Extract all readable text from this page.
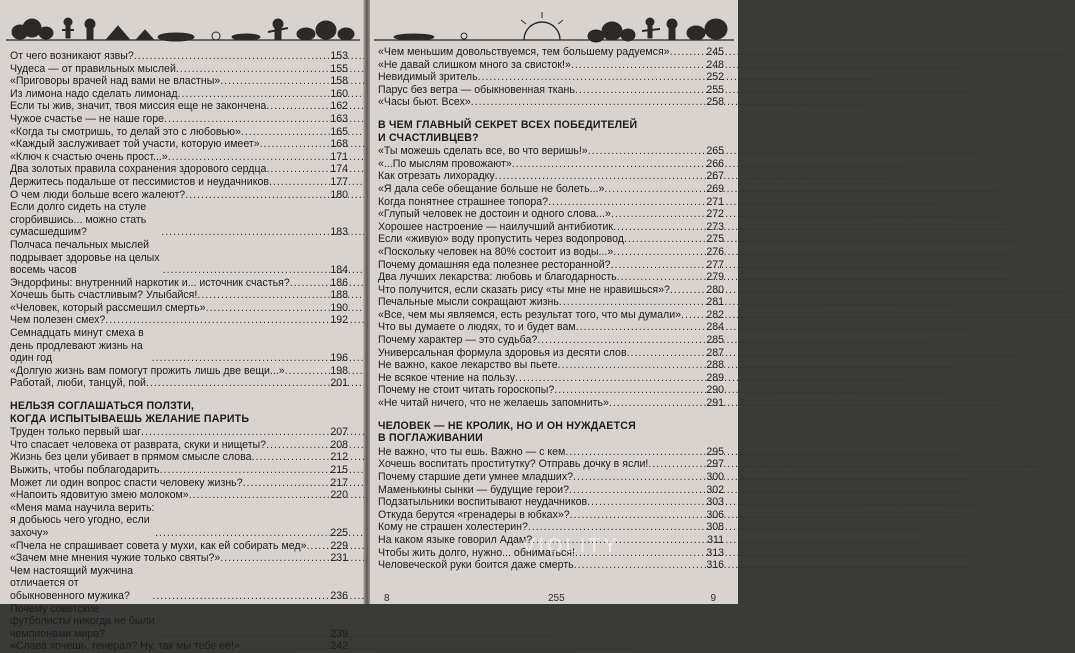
От чего возникают язвы? .....	153
Чудеса — от правильных мыслей .....	155
«Приговоры врачей над вами не властны» .....	158
Из лимона надо сделать лимонад .....	160
Если ты жив, значит, твоя миссия еще не закончена .....	162
Чужое счастье — не наше горе .....	163
«Когда ты смотришь, то делай это с любовью» .....	165
«Каждый заслуживает той участи, которую имеет» .....	168
«Ключ к счастью очень прост...» .....	171
Два золотых правила сохранения здорового сердца .....	174
Держитесь подальше от пессимистов и неудачников .....	177
О чем люди больше всего жалеют? .....	180
Если долго сидеть на стуле сгорбившись... можно стать сумасшедшим? .....	183
Полчаса печальных мыслей подрывает здоровье на целых восемь часов .....	184
Эндорфины: внутренний наркотик и... источник счастья? .....	186
Хочешь быть счастливым? Улыбайся! .....	188
«Человек, который рассмешил смерть» .....	190
Чем полезен смех? .....	192
Семнадцать минут смеха в день продлевают жизнь на один год .....	196
«Долгую жизнь вам помогут прожить лишь две вещи...» .....	198
Работай, люби, танцуй, пой .....	201
НЕЛЬЗЯ СОГЛАШАТЬСЯ ПОЛЗТИ,
КОГДА ИСПЫТЫВАЕШЬ ЖЕЛАНИЕ ПАРИТЬ
Труден только первый шаг .....	207
Что спасает человека от разврата, скуки и нищеты? .....	208
Жизнь без цели убивает в прямом смысле слова .....	212
Выжить, чтобы поблагодарить .....	215
Может ли один вопрос спасти человеку жизнь? .....	217
«Напоить ядовитую змею молоком» .....	220
«Меня мама научила верить: я добьюсь чего угодно, если захочу» .....	225
«Пчела не спрашивает совета у мухи, как ей собирать мед» ..... 229
«Зачем мне мнения чужие только святы?» .....	231
Чем настоящий мужчина отличается от обыкновенного мужика? .....	236
Почему советские футболисты никогда не были чемпионами мира? .....	239
«Слава хочешь, генерал? Ну, так мы тебе ее!» .....	242
«Чем меньшим довольствуемся, тем большему радуемся» .....	245
«Не давай слишком много за свисток!» .....	248
Невидимый зритель .....	252
Парус без ветра — обыкновенная ткань .....	255
«Часы бьют. Всех» .....	258
В ЧЕМ ГЛАВНЫЙ СЕКРЕТ ВСЕХ ПОБЕДИТЕЛЕЙ
И СЧАСТЛИВЦЕВ?
«Ты можешь сделать все, во что веришь!» .....	265
«...По мыслям провожают» .....	266
Как отрезать лихорадку .....	267
«Я дала себе обещание больше не болеть...» .....	269
Когда понятнее страшнее топора? .....	271
«Глупый человек не достоин и одного слова...» .....	272
Хорошее настроение — наилучший антибиотик .....	273
Если «живую» воду пропустить через водопровод .....	275
«Поскольку человек на 80% состоит из воды...» .....	276
Почему домашняя еда полезнее ресторанной? .....	277
Два лучших лекарства: любовь и благодарность .....	279
Что получится, если сказать рису «ты мне не нравишься»? .....	280
Печальные мысли сокращают жизнь .....	281
«Все, чем мы являемся, есть результат того, что мы думали» ..... 282
Что вы думаете о людях, то и будет вам .....	284
Почему характер — это судьба? .....	285
Универсальная формула здоровья из десяти слов .....	287
Не важно, какое лекарство вы пьете .....	288
Не всякое чтение на пользу .....	289
Почему не стоит читать гороскопы? .....	290
«Не читай ничего, что не желаешь запомнить» .....	291
ЧЕЛОВЕК — НЕ КРОЛИК, НО И ОН НУЖДАЕТСЯ
В ПОГЛАЖИВАНИИ
Не важно, что ты ешь. Важно — с кем .....	295
Хочешь воспитать проститутку? Отправь дочку в ясли! .....	297
Почему старшие дети умнее младших? .....	300
Маменькины сынки — будущие герои? .....	302
Подзатыльники воспитывают неудачников .....	303
Откуда берутся «гренадеры в юбках»? .....	306
Кому не страшен холестерин? .....	308
На каком языке говорил Адам? .....	311
Чтобы жить долго, нужно... обниматься! .....	313
Человеческой руки боится даже смерть .....	316
8	255	9
VIOLITY
